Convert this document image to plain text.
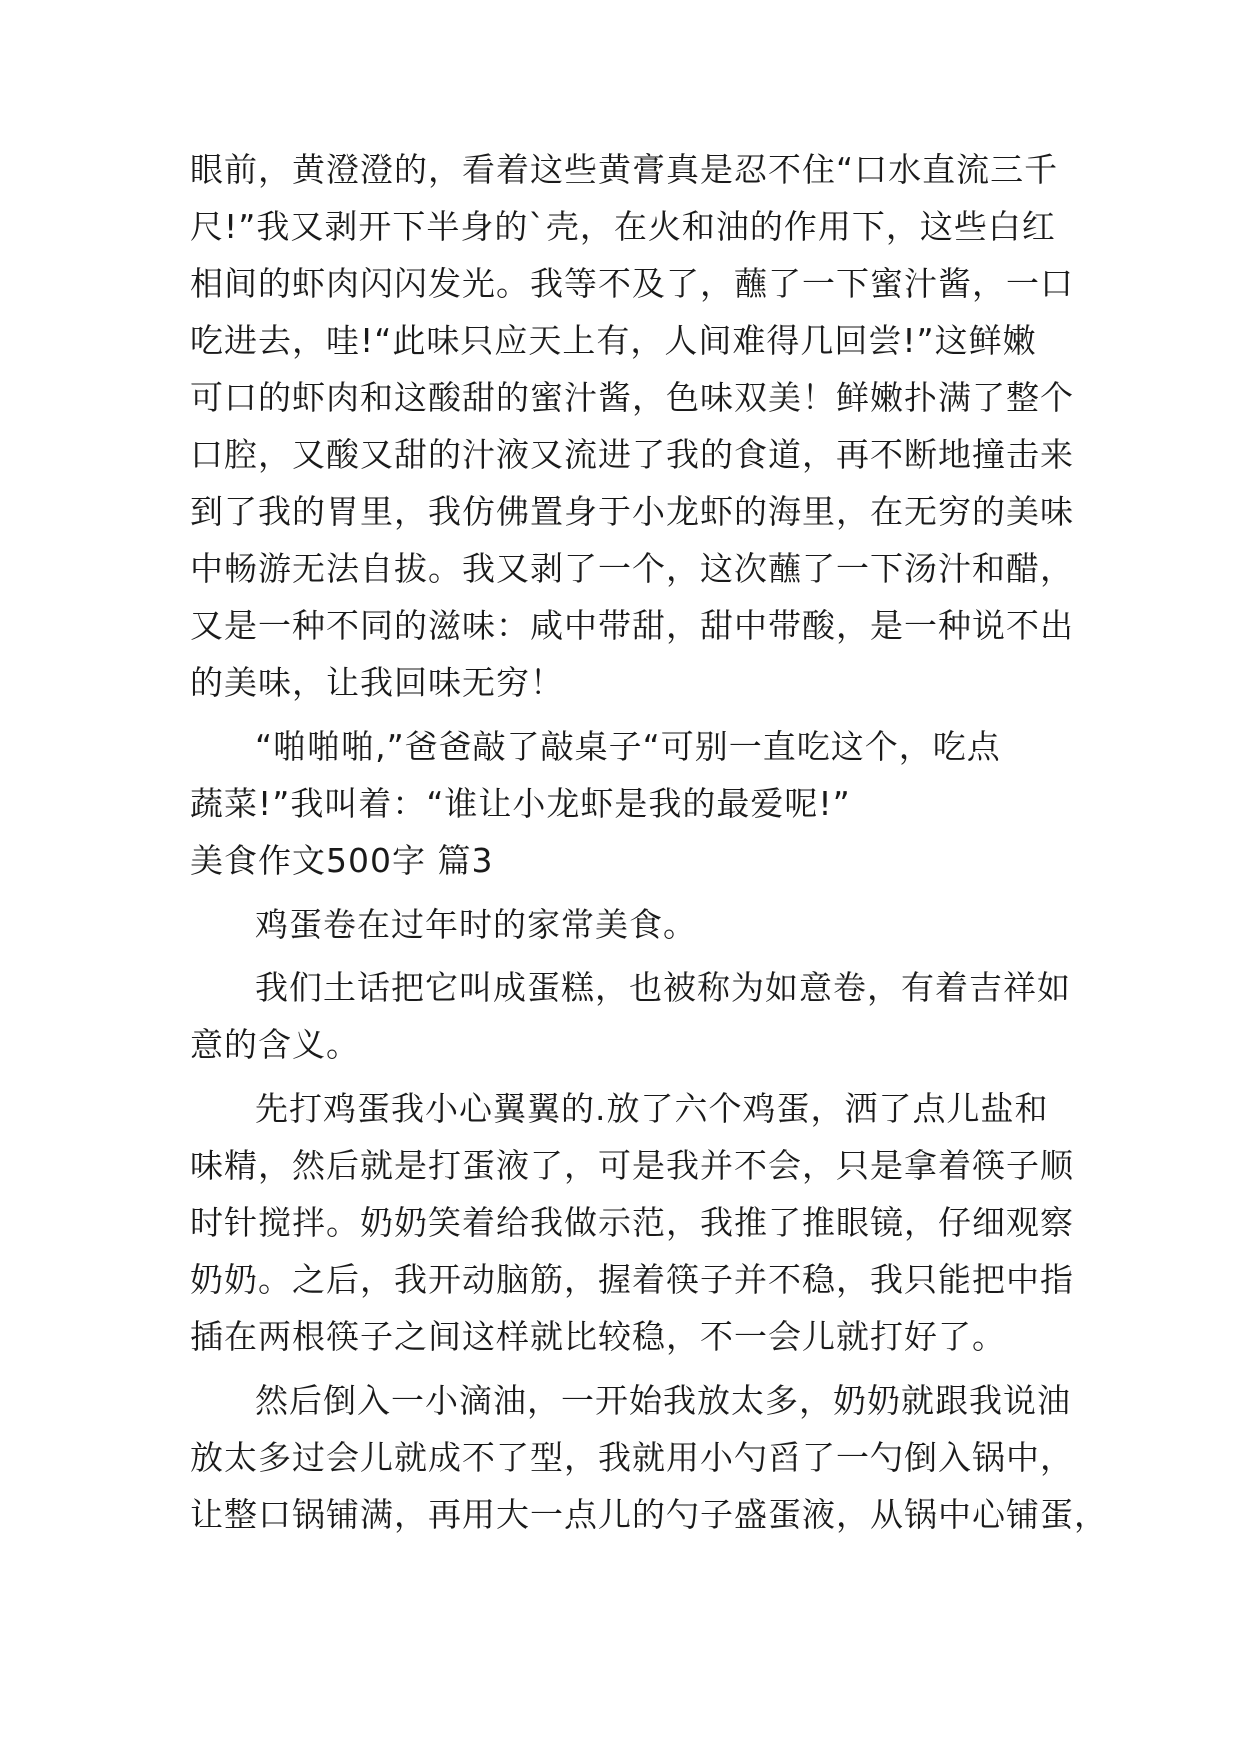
眼前，黄澄澄的，看着这些黄膏真是忍不住“口水直流三千
尺!”我又剥开下半身的`壳，在火和油的作用下，这些白红
相间的虾肉闪闪发光。我等不及了，蘸了一下蜜汁酱，一口
吃进去，哇!“此味只应天上有，人间难得几回尝!”这鲜嫩
可口的虾肉和这酸甜的蜜汁酱，色味双美！鲜嫩扑满了整个
口腔，又酸又甜的汁液又流进了我的食道，再不断地撞击来
到了我的胃里，我仿佛置身于小龙虾的海里，在无穷的美味
中畅游无法自拔。我又剥了一个，这次蘸了一下汤汁和醋，
又是一种不同的滋味：咸中带甜，甜中带酸，是一种说不出
的美味，让我回味无穷！
“啪啪啪,”爸爸敲了敲桌子“可别一直吃这个，吃点
蔬菜!”我叫着：“谁让小龙虾是我的最爱呢!”
美食作文500字 篇3
鸡蛋卷在过年时的家常美食。
我们土话把它叫成蛋糕，也被称为如意卷，有着吉祥如
意的含义。
先打鸡蛋我小心翼翼的.放了六个鸡蛋，洒了点儿盐和
味精，然后就是打蛋液了，可是我并不会，只是拿着筷子顺
时针搅拌。奶奶笑着给我做示范，我推了推眼镜，仔细观察
奶奶。之后，我开动脑筋，握着筷子并不稳，我只能把中指
插在两根筷子之间这样就比较稳，不一会儿就打好了。
然后倒入一小滴油，一开始我放太多，奶奶就跟我说油
放太多过会儿就成不了型，我就用小勺舀了一勺倒入锅中，
让整口锅铺满，再用大一点儿的勺子盛蛋液，从锅中心铺蛋，
